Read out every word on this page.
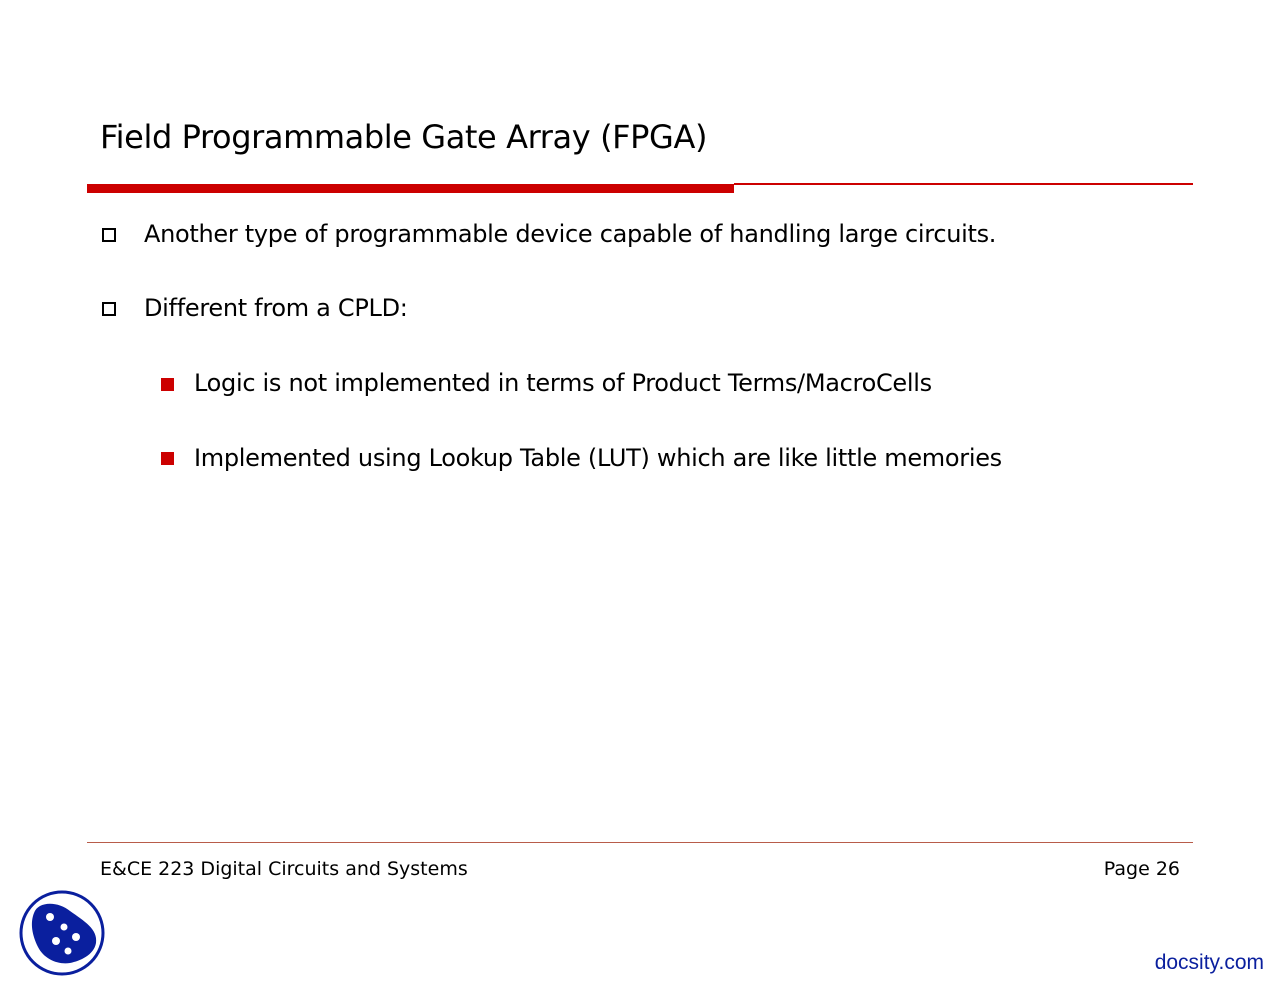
Field Programmable Gate Array (FPGA)
Another type of programmable device capable of handling large circuits.
Different from a CPLD:
Logic is not implemented in terms of Product Terms/MacroCells
Implemented using Lookup Table (LUT) which are like little memories
E&CE 223 Digital Circuits and Systems	Page 26
docsity.com
